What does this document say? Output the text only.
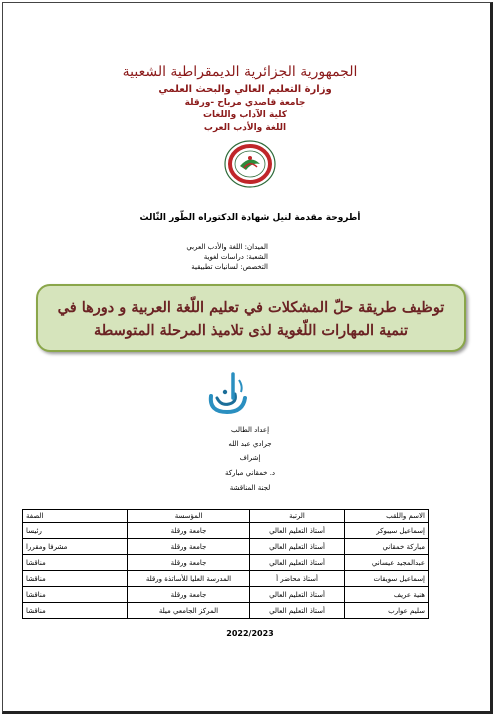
الجمهورية الجزائرية الديمقراطية الشعبية
وزارة التعليم العالي والبحث العلمي
جامعة قاصدي مرباح -ورقلة
كلية الآداب واللغات
اللغة والأدب العرب
أطروحة مقدمة لنيل شهادة الدكتوراه الطّور الثّالث
الميدان: اللغة والأدب العربي
الشعبة: دراسات لغوية
التخصص: لسانيات تطبيقية
توظيف طريقة حلّ المشكلات في تعليم اللّغة العربية و دورها في
تنمية المهارات اللّغوية لذى تلاميذ المرحلة المتوسطة
إعداد الطالب
جرادي عبد الله
إشراف
د. خمقاني مباركة
لجنة المناقشة
الاسم واللقب	الرتبة	المؤسسة	الصفة
إسماعيل سيبوكر	أستاذ التعليم العالي	جامعة ورقلة	رئيسا
مباركة خمقاني	أستاذ التعليم العالي	جامعة ورقلة	مشرفا ومقررا
عبدالمجيد عيساني	أستاذ التعليم العالي	جامعة ورقلة	مناقشا
إسماعيل سويقات	أستاذ محاضر أ	المدرسة العليا للأساتذة ورقلة	مناقشا
هنية عريف	أستاذ التعليم العالي	جامعة ورقلة	مناقشا
سليم عوارب	أستاذ التعليم العالي	المركز الجامعي ميلة	مناقشا
2022/2023
